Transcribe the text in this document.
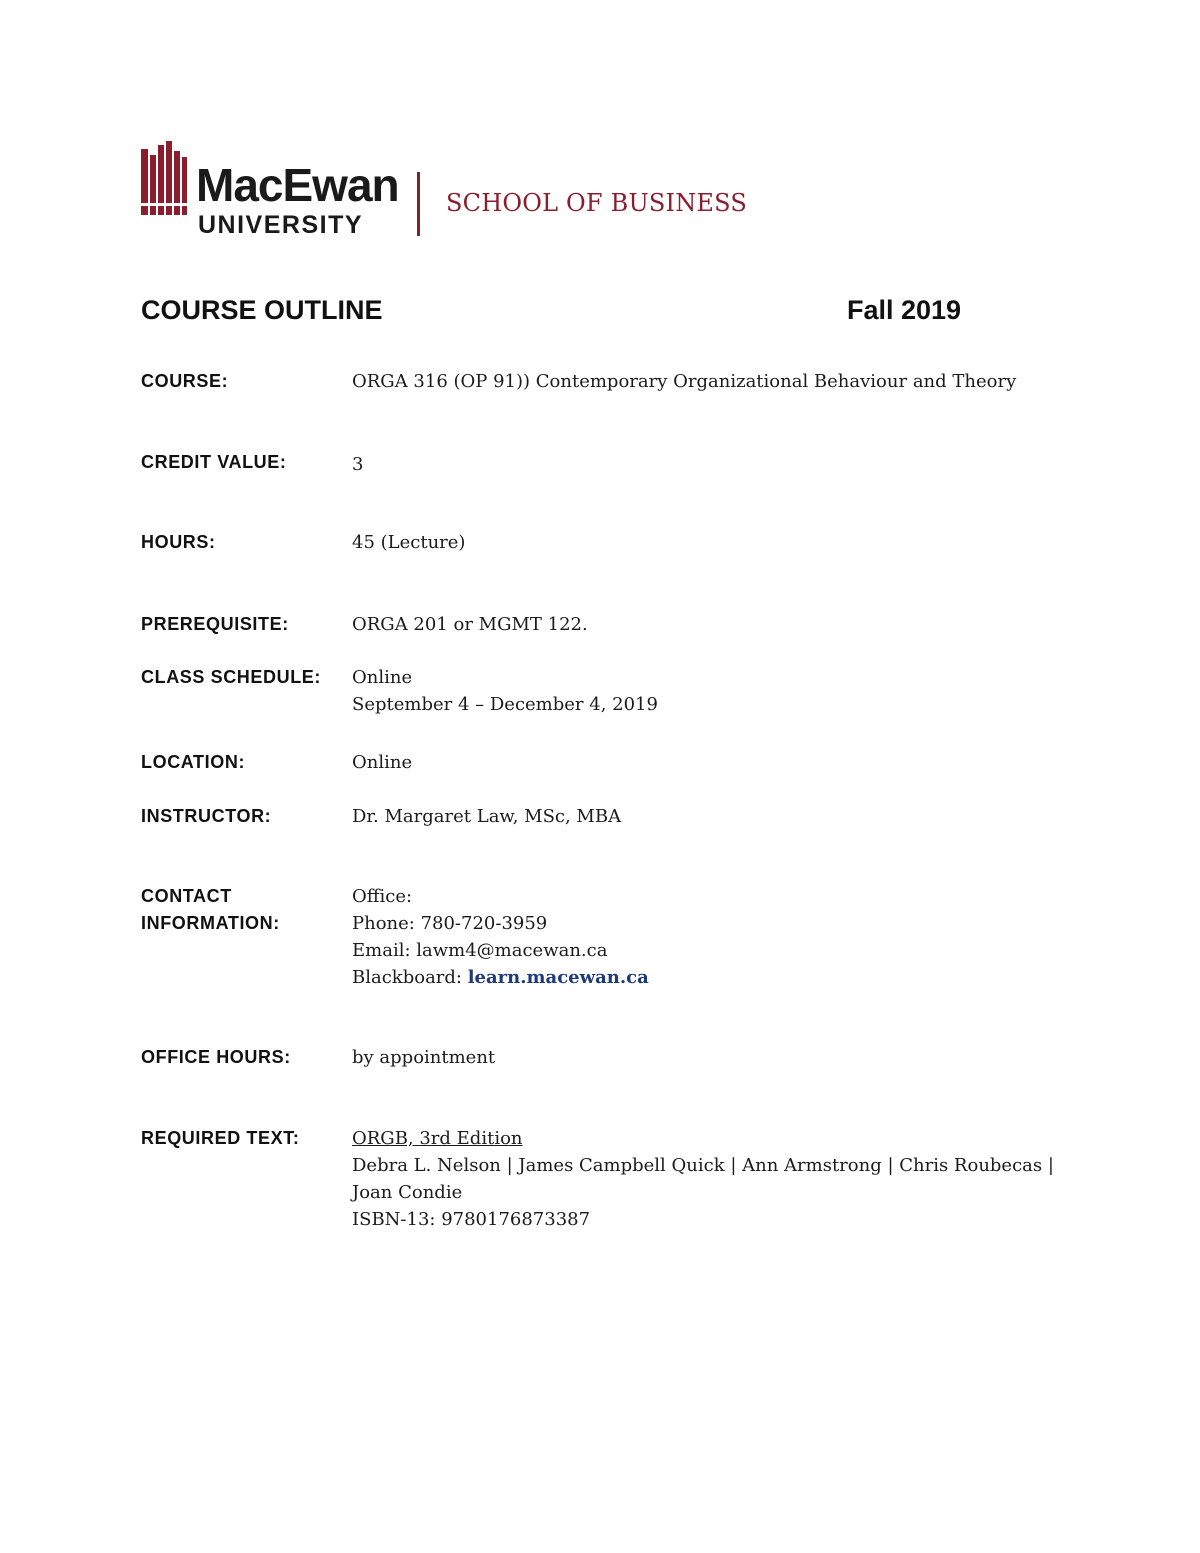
MacEwan
UNIVERSITY
SCHOOL OF BUSINESS
COURSE OUTLINE	Fall 2019
COURSE:	ORGA 316 (OP 91)) Contemporary Organizational Behaviour and Theory
CREDIT VALUE:	3
HOURS:	45 (Lecture)
PREREQUISITE:	ORGA 201 or MGMT 122.
CLASS SCHEDULE: Online
September 4 – December 4, 2019
LOCATION:	Online
INSTRUCTOR:	Dr. Margaret Law, MSc, MBA
CONTACT
INFORMATION:
Office:
Phone: 780-720-3959
Email: lawm4@macewan.ca
Blackboard: learn.macewan.ca
OFFICE HOURS:	by appointment
REQUIRED TEXT:	ORGB, 3rd Edition
Debra L. Nelson | James Campbell Quick | Ann Armstrong | Chris Roubecas |
Joan Condie
ISBN-13: 9780176873387
